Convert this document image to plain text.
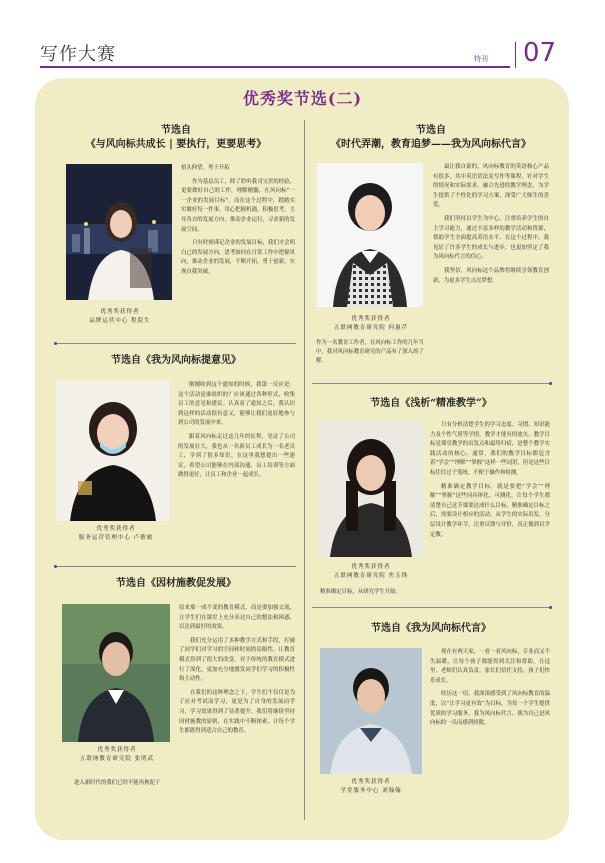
写作大赛	特刊 07
优秀奖节选(二)
节选自
《与风向标共成长 | 要执行，更要思考》
优秀奖获得者
品牌运营中心 程院生

抬头仰望，勇于开拓

作为基层员工，除了聆听我司宝贵的经验，更要做好自己的工作，理解精髓，在风向标“一一企业的发展目标”。而在这个过程中，踏踏实实做好每一件事，用心把握机遇，积极思考，主导各自的发展方向，推动企业运行，寻求新的发展空间。

只有时刻谨记企业的发展目标，我们才会明白已的发展方向，思考如何在日常工作中把握风向，推动企业的发展，不断开拓，勇于创新，实现自我突破。

节选自
《时代弄潮，教育追梦——我为风向标代言》
优秀奖获得者
五联网教育研究院 何惠芹
作为一名教育工作者，在风向标工作的几年当中，我对风向标教育研究的产品有了深入的了解。

最让我自豪的，风向标教育的英语核心产品有很多，其中英语语法及写作等课程，针对学生的情况和实际需求，融合先进的教学理念，为学生提供了个性化的学习方案，深受广大师生的喜爱。

我们坚持以学生为中心，注重培养学生的自主学习能力，通过丰富多样的教学活动和资源，帮助学生全面提高英语水平。在这个过程中，我见证了许多学生的成长与进步，也更加坚定了我为风向标代言的信心。

我坚信，风向标这个品牌将继续引领教育创新，为更多学生点亮梦想。

节选自《我为风向标提意见》
优秀奖获得者
服务运营管理中心 卢敏敏

刚刚收到这个通知的时候，我第一反应是：这个活动是谁组织的？应该通过各种形式，收集员工的意见和建议。认真看了通知之后，我认识到这样的活动很有意义，能够让我们更好地参与到公司的发展中来。

跟着风向标走过这几年的征程，见证了公司的发展壮大，我也从一名新员工成长为一名老员工，学到了很多知识。在这里我想提出一些建议，希望公司能够在内部沟通、员工培训等方面做得更好，让员工和企业一起成长。

节选自《浅析“精准教学”》
优秀奖获得者
五联网教育研究院 焦玉锋
精准确定目标，从研究学生开始。

只有分析清楚学生的学习态度、习惯、知识能力及个性气质等学情，教学才能有的放矢。教学目标是课堂教学的出发点和最终归宿，是整个教学实践活动的核心。通常，我们的教学目标都包含着“学会”“理解”“掌握”这样一些词语，但是这些目标往往过于笼统，不便于操作和检测。

精准确定教学目标，就是要把“学会”“理解”“掌握”这些词具体化、可测化，让每个学生都清楚自己这节课要达成什么目标。精准确定目标之后，需要设计相应的活动，从学生的实际出发，分层设计教学环节，注重反馈与评价，真正做到以学定教。

节选自《因材施教促发展》
优秀奖获得者
五联网教育研究院 张明武
进入新时代的我们已经不能再拘泥于

原来那一成不变的教育模式，而是要加强交流，让学生们在课堂上充分表达自己的想法和困惑，以达到最好的效果。

我们充分运用了多种教学方式和手段，打破了同学们对学习的空间和时间的局限性，让教育模式得到了很大的改变。对于传统的教育模式进行了深化，更加充分地激发同学们学习的积极性和主动性。

在我们的这种理念之下，学生们不仅仅是为了应对考试而学习，更是为了自身的发展而学习，学习效果得到了显著提升。我们将继续坚持因材施教的原则，在实践中不断探索，让每个学生都能得到适合自己的教育。

节选自《我为风向标代言》
优秀奖获得者
学堂服务中心 刘翰翰

现在有两天家，一看一看风向标，专业而又不失温暖，让每个孩子都能得到关注和帮助。在这里，老师们认真负责，家长们信任支持，孩子们快乐成长。

经历这一切，我深深感受到了风向标教育的温度，以“让学习更有效”为目标，为每一个学生提供优质的学习服务，我为风向标代言，我为自己是风向标的一员而感到骄傲。
